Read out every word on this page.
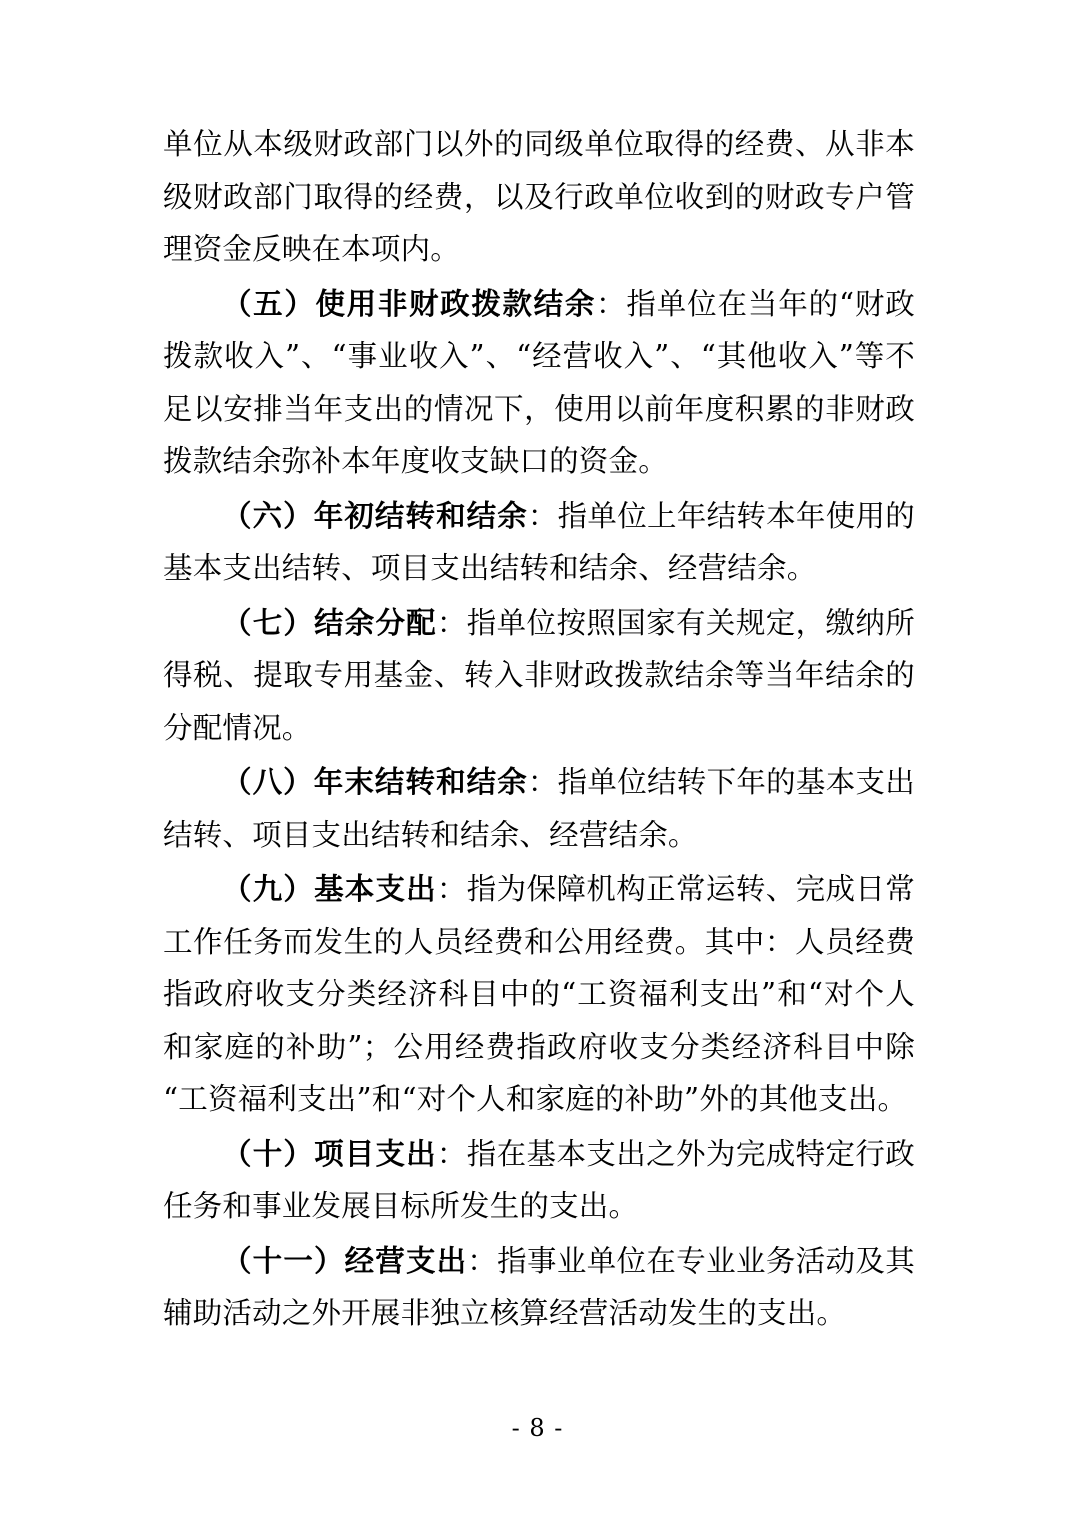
单位从本级财政部门以外的同级单位取得的经费、从非本级财政部门取得的经费，以及行政单位收到的财政专户管理资金反映在本项内。

（五）使用非财政拨款结余：指单位在当年的“财政拨款收入”、“事业收入”、“经营收入”、“其他收入”等不足以安排当年支出的情况下，使用以前年度积累的非财政拨款结余弥补本年度收支缺口的资金。

（六）年初结转和结余：指单位上年结转本年使用的基本支出结转、项目支出结转和结余、经营结余。

（七）结余分配：指单位按照国家有关规定，缴纳所得税、提取专用基金、转入非财政拨款结余等当年结余的分配情况。

（八）年末结转和结余：指单位结转下年的基本支出结转、项目支出结转和结余、经营结余。

（九）基本支出：指为保障机构正常运转、完成日常工作任务而发生的人员经费和公用经费。其中：人员经费指政府收支分类经济科目中的“工资福利支出”和“对个人和家庭的补助”；公用经费指政府收支分类经济科目中除“工资福利支出”和“对个人和家庭的补助”外的其他支出。

（十）项目支出：指在基本支出之外为完成特定行政任务和事业发展目标所发生的支出。

（十一）经营支出：指事业单位在专业业务活动及其辅助活动之外开展非独立核算经营活动发生的支出。

- 8 -
